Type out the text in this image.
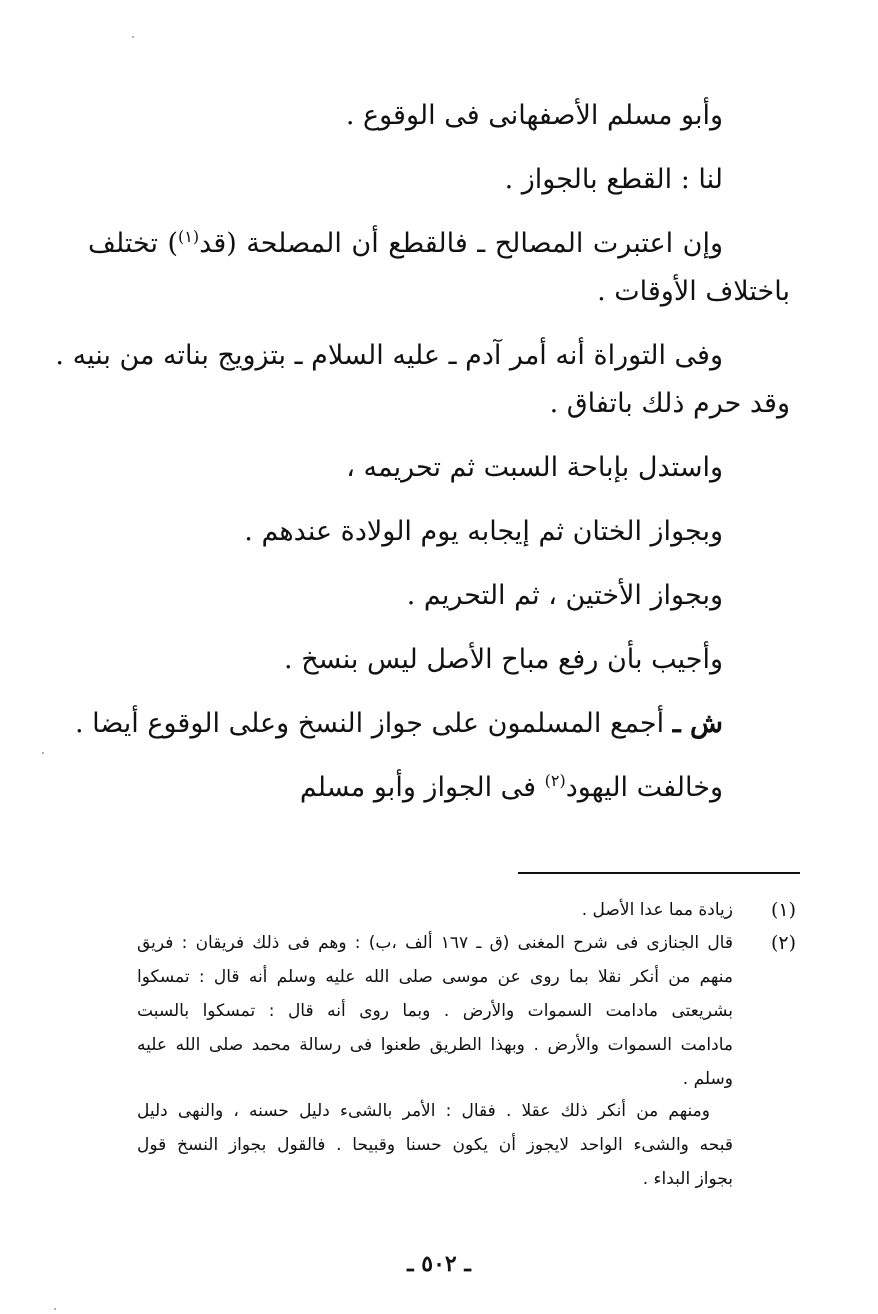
وأبو مسلم الأصفهانى فى الوقوع .
لنا : القطع بالجواز .
وإن اعتبرت المصالح ـ فالقطع أن المصلحة (قد$^{(١)}$) تختلف
باختلاف الأوقات .
وفى التوراة أنه أمر آدم ـ عليه السلام ـ بتزويج بناته من بنيه .
وقد حرم ذلك باتفاق .
واستدل بإباحة السبت ثم تحريمه ،
وبجواز الختان ثم إيجابه يوم الولادة عندهم .
وبجواز الأختين ، ثم التحريم .
وأجيب بأن رفع مباح الأصل ليس بنسخ .
ش ـ أجمع المسلمون على جواز النسخ وعلى الوقوع أيضا .
وخالفت اليهود$^{(٢)}$ فى الجواز وأبو مسلم
(١)
زيادة مما عدا الأصل .
(٢)
قال الجنازى فى شرح المغنى (ق ـ ١٦٧ ألف ،ب) : وهم فى ذلك فريقان : فريق
منهم من أنكر نقلا بما روى عن موسى صلى الله عليه وسلم أنه قال : تمسكوا
بشريعتى مادامت السموات والأرض . وبما روى أنه قال : تمسكوا بالسبت
مادامت السموات والأرض . وبهذا الطريق طعنوا فى رسالة محمد صلى الله عليه
وسلم .
ومنهم من أنكر ذلك عقلا . فقال : الأمر بالشىء دليل حسنه ، والنهى دليل
قبحه والشىء الواحد لايجوز أن يكون حسنا وقبيحا . فالقول بجواز النسخ قول
بجواز البداء .
ـ ٥٠٢ ـ
